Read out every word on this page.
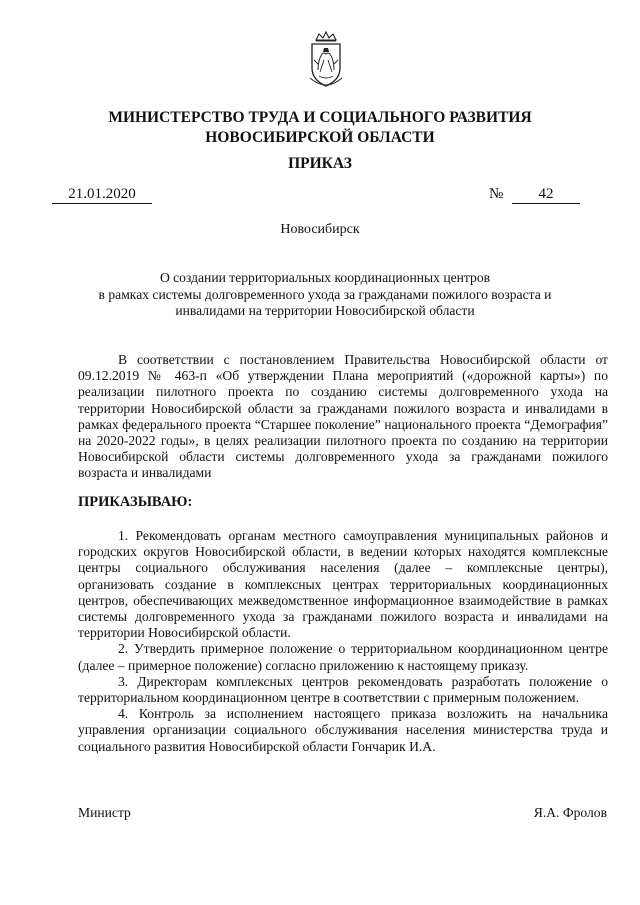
МИНИСТЕРСТВО ТРУДА И СОЦИАЛЬНОГО РАЗВИТИЯ
НОВОСИБИРСКОЙ ОБЛАСТИ
ПРИКАЗ
21.01.2020	№	42
Новосибирск
О создании территориальных координационных центров
в рамках системы долговременного ухода за гражданами пожилого возраста и
инвалидами на территории Новосибирской области

В соответствии с постановлением Правительства Новосибирской области от 09.12.2019 № 463-п «Об утверждении Плана мероприятий («дорожной карты») по реализации пилотного проекта по созданию системы долговременного ухода на территории Новосибирской области за гражданами пожилого возраста и инвалидами в рамках федерального проекта “Старшее поколение” национального проекта “Демография” на 2020-2022 годы», в целях реализации пилотного проекта по созданию на территории Новосибирской области системы долговременного ухода за гражданами пожилого возраста и инвалидами

ПРИКАЗЫВАЮ:

1. Рекомендовать органам местного самоуправления муниципальных районов и городских округов Новосибирской области, в ведении которых находятся комплексные центры социального обслуживания населения (далее – комплексные центры), организовать создание в комплексных центрах территориальных координационных центров, обеспечивающих межведомственное информационное взаимодействие в рамках системы долговременного ухода за гражданами пожилого возраста и инвалидами на территории Новосибирской области.

2. Утвердить примерное положение о территориальном координационном центре (далее – примерное положение) согласно приложению к настоящему приказу.

3. Директорам комплексных центров рекомендовать разработать положение о территориальном координационном центре в соответствии с примерным положением.

4. Контроль за исполнением настоящего приказа возложить на начальника управления организации социального обслуживания населения министерства труда и социального развития Новосибирской области Гончарик И.А.

Министр	Я.А. Фролов
